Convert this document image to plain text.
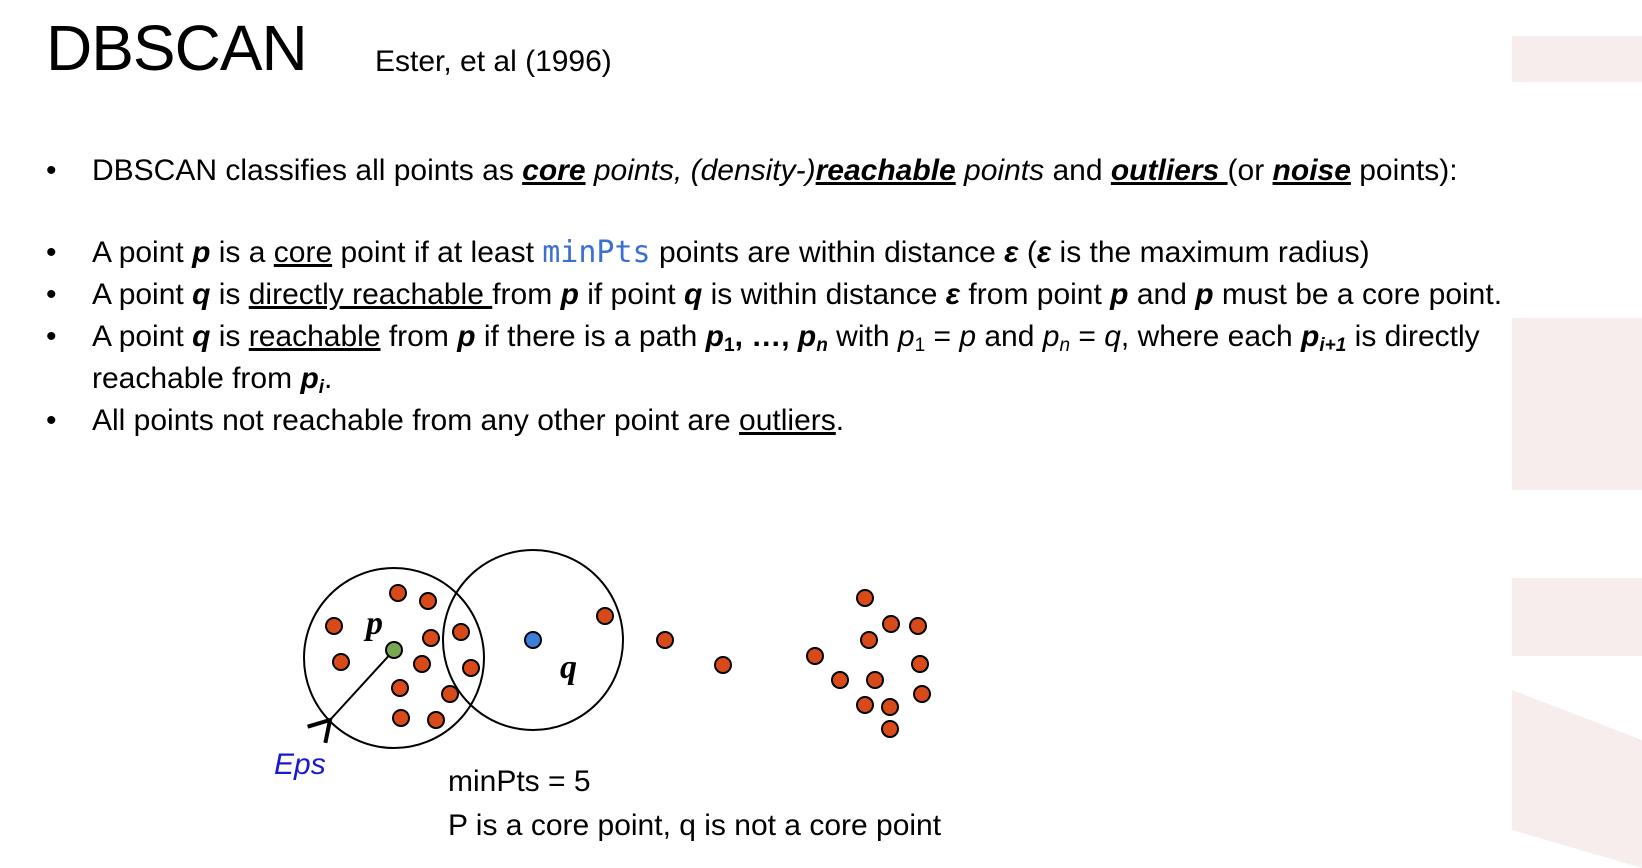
DBSCAN Ester, et al (1996)
•	DBSCAN classifies all points as core points, (density-)reachable points and outliers (or noise points):
•	A point p is a core point if at least minPts points are within distance ε (ε is the maximum radius)
•	A point q is directly reachable from p if point q is within distance ε from point p and p must be a core point.
•	A point q is reachable from p if there is a path $p_1$, …, $p_n$ with $p_1 = p$ and $p_n = q$, where each $p_{i+1}$ is directly reachable from $p_i$.
•	All points not reachable from any other point are outliers.
p
q
Eps
minPts = 5
P is a core point, q is not a core point
